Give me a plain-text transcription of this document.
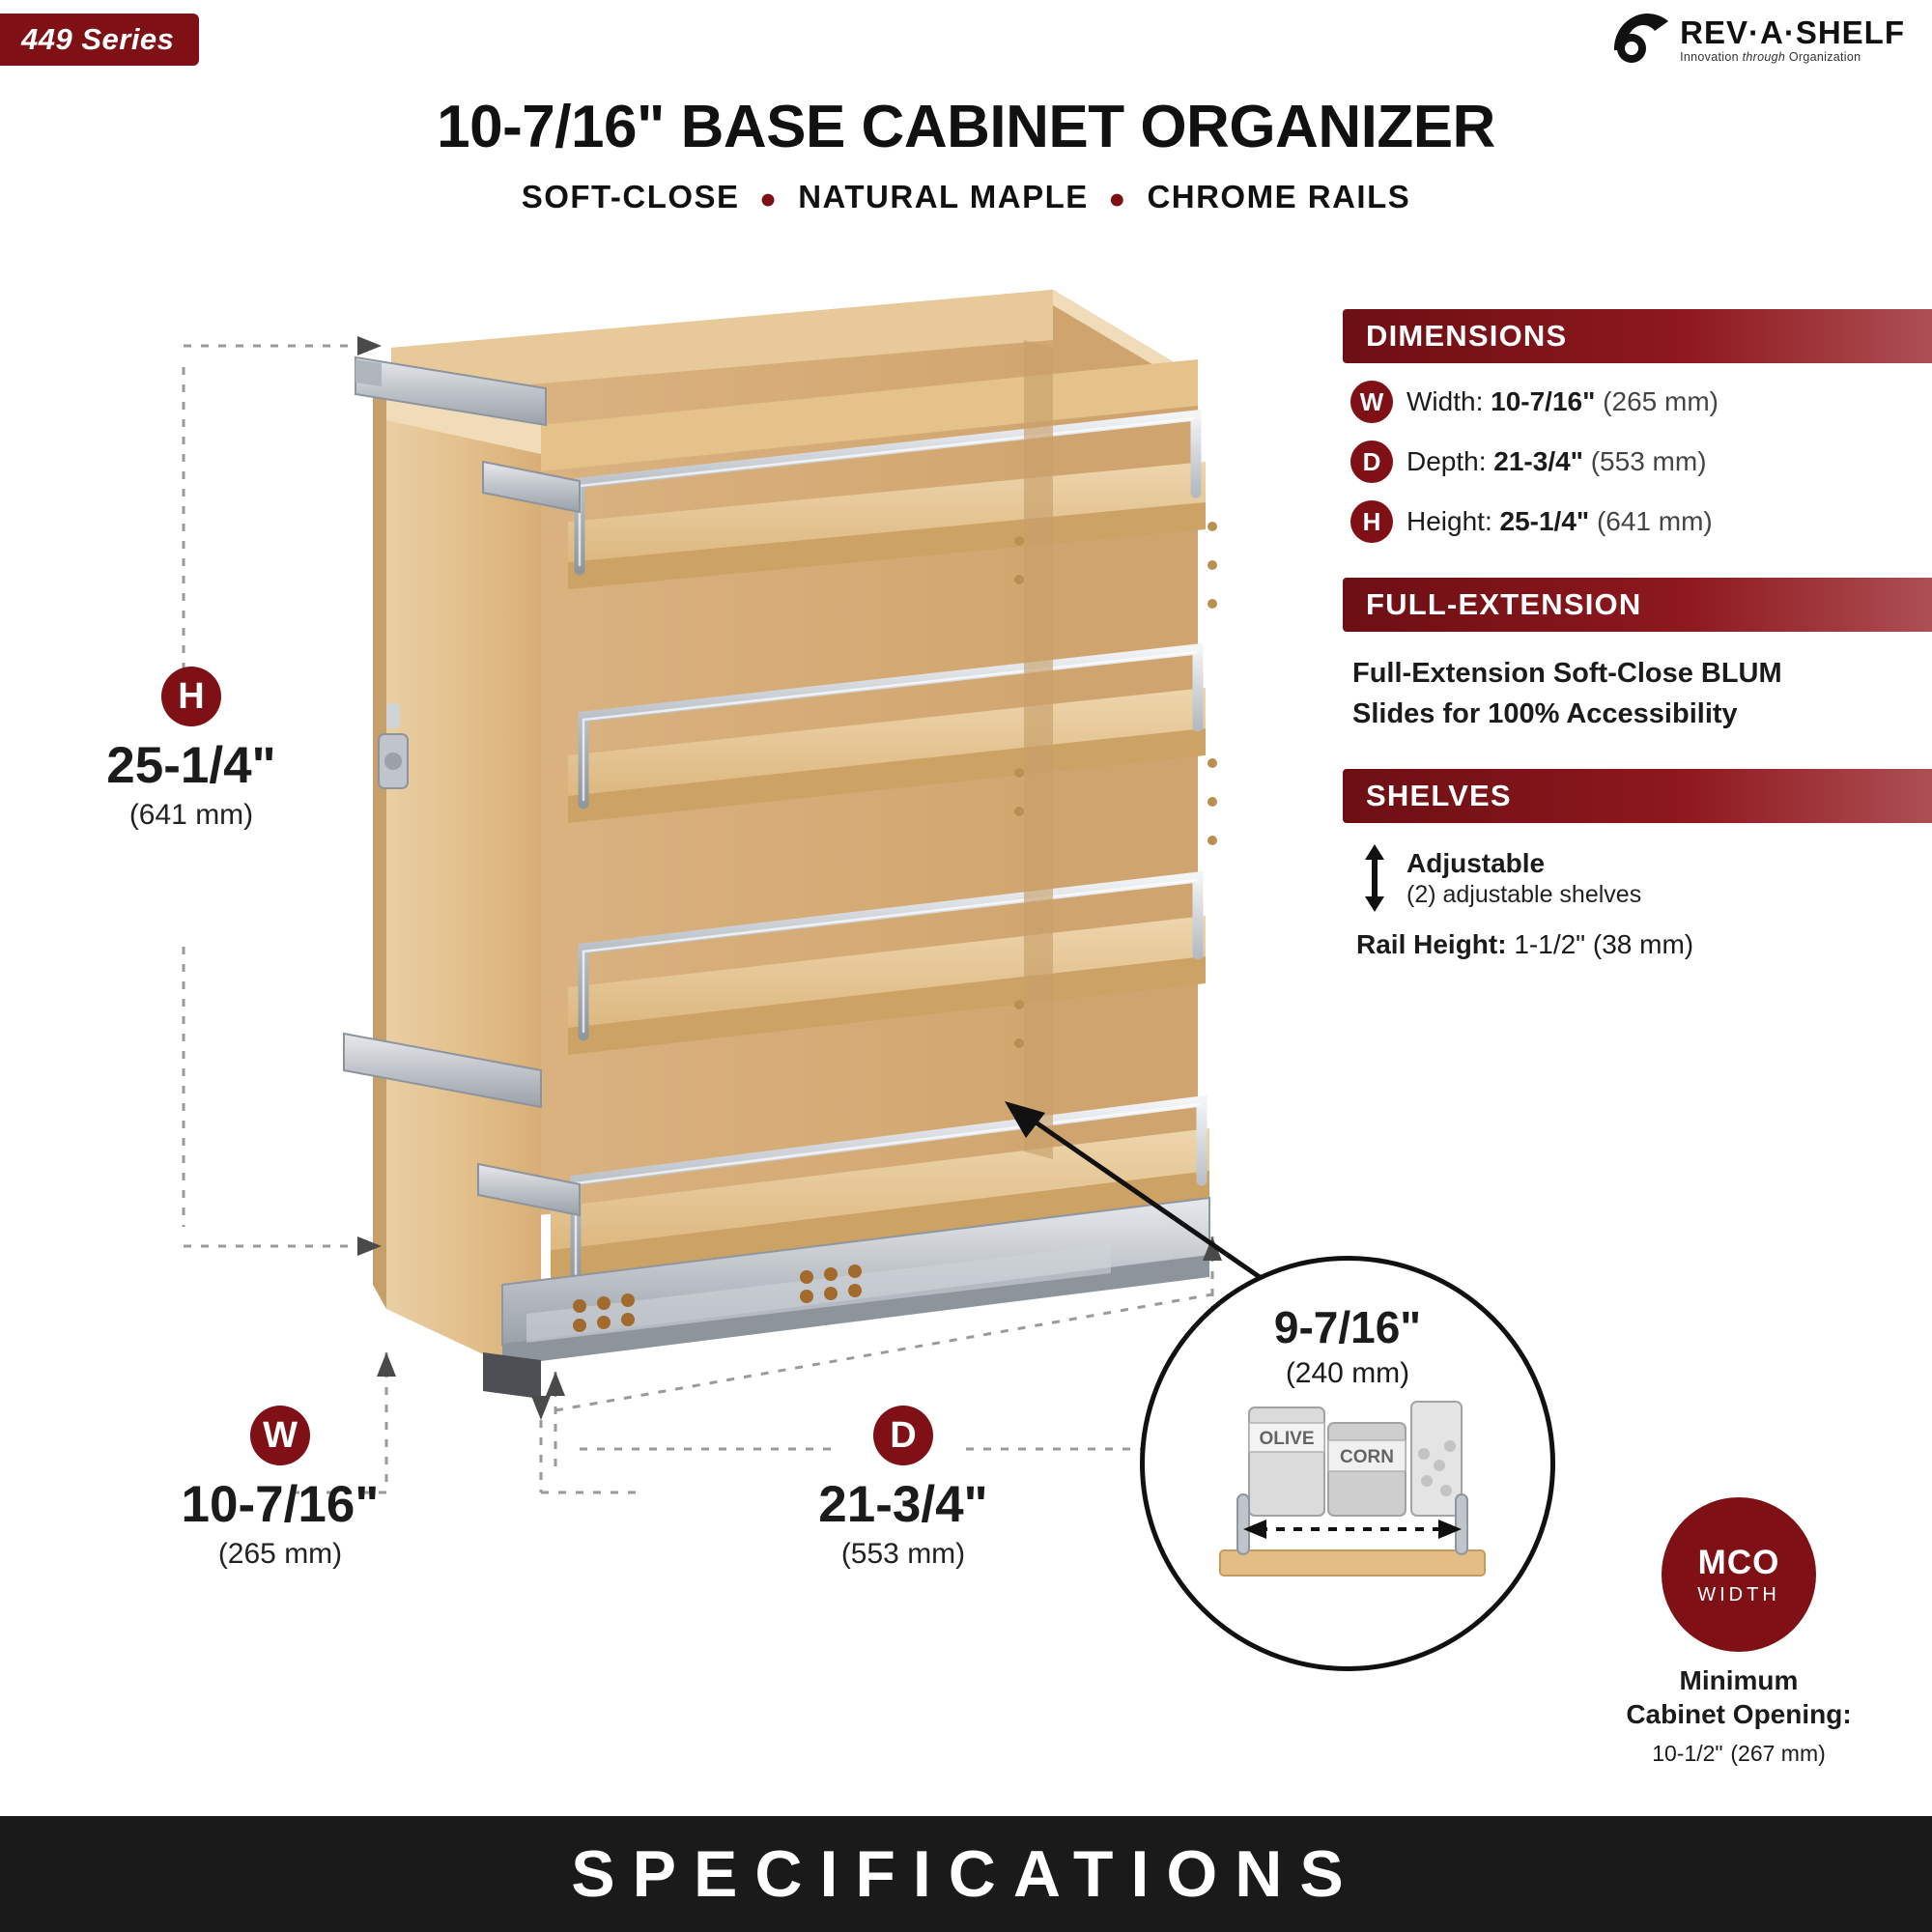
449 Series	REV·A·SHELF
Innovation through Organization
10-7/16" BASE CABINET ORGANIZER
SOFT-CLOSE  ●  NATURAL MAPLE  ●  CHROME RAILS
DIMENSIONS
W Width: 10-7/16" (265 mm)
D Depth: 21-3/4" (553 mm)
H Height: 25-1/4" (641 mm)
FULL-EXTENSION
Full-Extension Soft-Close BLUM Slides for 100% Accessibility
SHELVES
Adjustable
(2) adjustable shelves
Rail Height: 1-1/2" (38 mm)
H
25-1/4"
(641 mm)
W
10-7/16"
(265 mm)
D
21-3/4"
(553 mm)
9-7/16"
(240 mm)
OLIVE
CORN
MCO
WIDTH
Minimum
Cabinet Opening:
10-1/2" (267 mm)
SPECIFICATIONS
